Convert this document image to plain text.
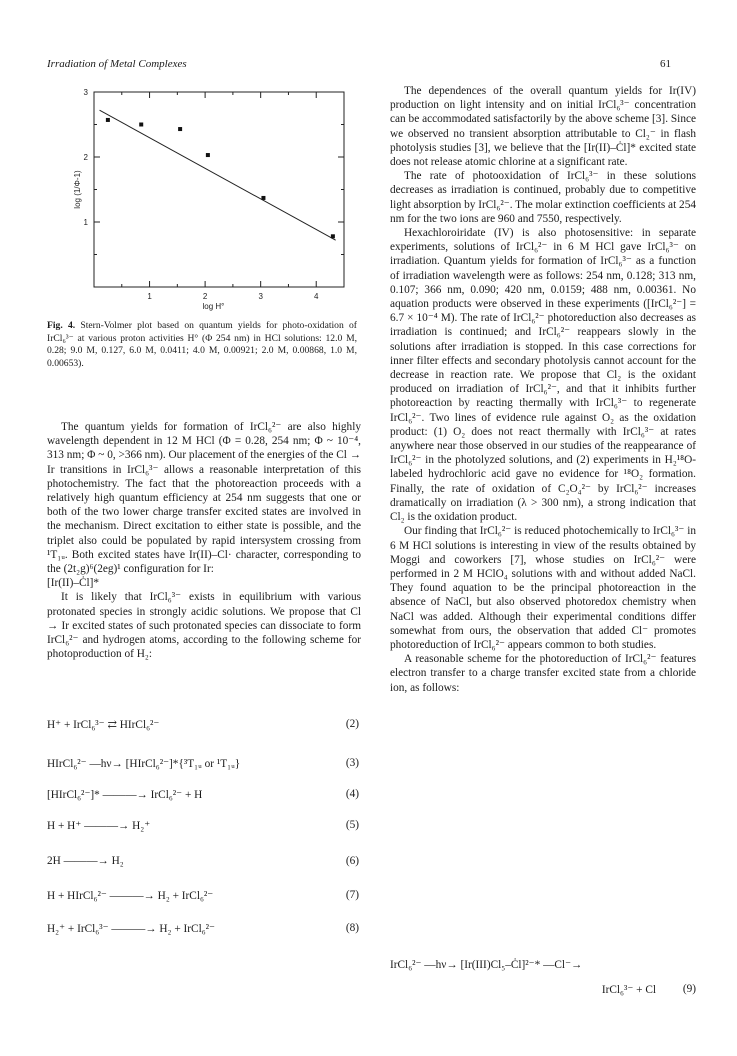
Irradiation of Metal Complexes	61
1	2	3	4
1
2
3
log H°
log (1/Φ-1)
Fig. 4. Stern-Volmer plot based on quantum yields for photo-oxidation of IrCl₆³⁻ at various proton activities H° (Φ 254 nm) in HCl solutions: 12.0 M, 0.28; 9.0 M, 0.127, 6.0 M, 0.0411; 4.0 M, 0.00921; 2.0 M, 0.00868, 1.0 M, 0.00653).

The quantum yields for formation of IrCl₆²⁻ are also highly wavelength dependent in 12 M HCl (Φ = 0.28, 254 nm; Φ ~ 10⁻⁴, 313 nm; Φ ~ 0, >366 nm). Our placement of the energies of the Cl → Ir transitions in IrCl₆³⁻ allows a reasonable interpretation of this photochemistry. The fact that the photoreaction proceeds with a relatively high quantum efficiency at 254 nm suggests that one or both of the two lower charge transfer excited states are involved in the mechanism. Direct excitation to either state is possible, and the triplet also could be populated by rapid intersystem crossing from ¹T₁ᵤ. Both excited states have Ir(II)–Cl· character, corresponding to the (2t₂g)⁶(2eg)¹ configuration for Ir:

[Ir(II)–Ċl]*

It is likely that IrCl₆³⁻ exists in equilibrium with various protonated species in strongly acidic solutions. We propose that Cl → Ir excited states of such protonated species can dissociate to form IrCl₆²⁻ and hydrogen atoms, according to the following scheme for photoproduction of H₂:

H⁺ + IrCl₆³⁻ ⇄ HIrCl₆²⁻	(2)
HIrCl₆²⁻ —hν→ [HIrCl₆²⁻]*{³T₁ᵤ or ¹T₁ᵤ}	(3)
[HIrCl₆²⁻]* ———→ IrCl₆²⁻ + H	(4)
H + H⁺ ———→ H₂⁺	(5)
2H ———→ H₂	(6)
H + HIrCl₆²⁻ ———→ H₂ + IrCl₆²⁻	(7)
H₂⁺ + IrCl₆³⁻ ———→ H₂ + IrCl₆²⁻	(8)

The dependences of the overall quantum yields for Ir(IV) production on light intensity and on initial IrCl₆³⁻ concentration can be accommodated satisfactorily by the above scheme [3]. Since we observed no transient absorption attributable to Cl₂⁻ in flash photolysis studies [3], we believe that the [Ir(II)–Ċl]* excited state does not release atomic chlorine at a significant rate.

The rate of photooxidation of IrCl₆³⁻ in these solutions decreases as irradiation is continued, probably due to competitive light absorption by IrCl₆²⁻. The molar extinction coefficients at 254 nm for the two ions are 960 and 7550, respectively.

Hexachloroiridate (IV) is also photosensitive: in separate experiments, solutions of IrCl₆²⁻ in 6 M HCl gave IrCl₆³⁻ on irradiation. Quantum yields for formation of IrCl₆³⁻ as a function of irradiation wavelength were as follows: 254 nm, 0.128; 313 nm, 0.107; 366 nm, 0.090; 420 nm, 0.0159; 488 nm, 0.00361. No aquation products were observed in these experiments ([IrCl₆²⁻] = 6.7 × 10⁻⁴ M). The rate of IrCl₆²⁻ photoreduction also decreases as irradiation is continued; and IrCl₆²⁻ reappears slowly in the solutions after irradiation is stopped. In this case corrections for inner filter effects and secondary photolysis cannot account for the decrease in reaction rate. We propose that Cl₂ is the oxidant produced on irradiation of IrCl₆²⁻, and that it inhibits further photoreaction by reacting thermally with IrCl₆³⁻ to regenerate IrCl₆²⁻. Two lines of evidence rule against O₂ as the oxidation product: (1) O₂ does not react thermally with IrCl₆³⁻ at rates anywhere near those observed in our studies of the reappearance of IrCl₆²⁻ in the photolyzed solutions, and (2) experiments in H₂¹⁸O-labeled hydrochloric acid gave no evidence for ¹⁸O₂ formation. Finally, the rate of oxidation of C₂O₄²⁻ by IrCl₆²⁻ increases dramatically on irradiation (λ > 300 nm), a strong indication that Cl₂ is the oxidation product.

Our finding that IrCl₆²⁻ is reduced photochemically to IrCl₆³⁻ in 6 M HCl solutions is interesting in view of the results obtained by Moggi and coworkers [7], whose studies on IrCl₆²⁻ were performed in 2 M HClO₄ solutions with and without added NaCl. They found aquation to be the principal photoreaction in the absence of NaCl, but also observed photoredox chemistry when NaCl was added. Although their experimental conditions differ somewhat from ours, the observation that added Cl⁻ promotes photoreduction of IrCl₆²⁻ appears common to both studies.

A reasonable scheme for the photoreduction of IrCl₆²⁻ features electron transfer to a charge transfer excited state from a chloride ion, as follows:

IrCl₆²⁻ —hν→ [Ir(III)Cl₅–Ċl]²⁻* —Cl⁻→
IrCl₆³⁻ + Cl (9)
